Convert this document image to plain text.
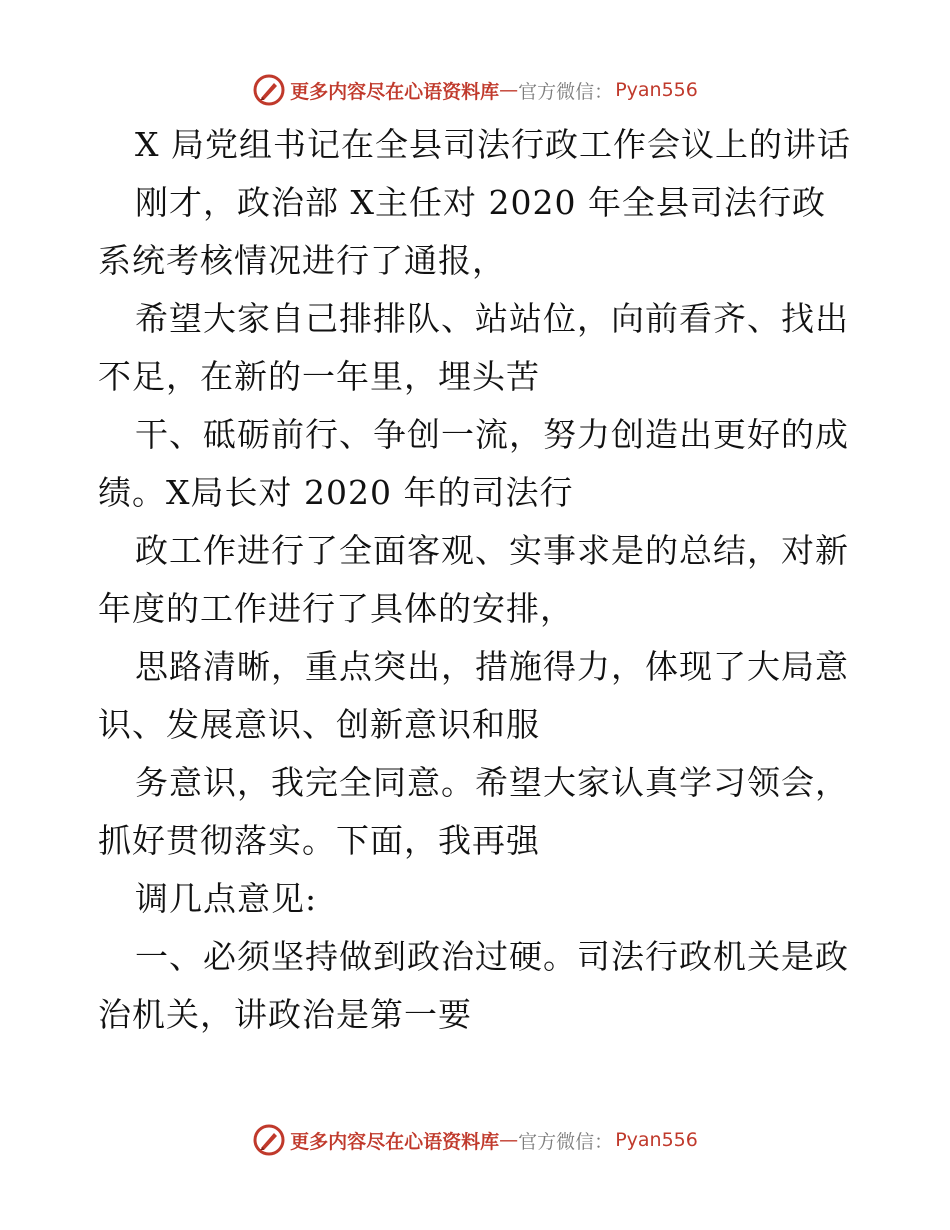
更多内容尽在心语资料库 — 官方微信： Pyan556
X 局党组书记在全县司法行政工作会议上的讲话
刚才，政治部 X主任对 2020 年全县司法行政
系统考核情况进行了通报，
希望大家自己排排队、站站位，向前看齐、找出
不足，在新的一年里，埋头苦
干、砥砺前行、争创一流，努力创造出更好的成
绩。X局长对 2020 年的司法行
政工作进行了全面客观、实事求是的总结，对新
年度的工作进行了具体的安排，
思路清晰，重点突出，措施得力，体现了大局意
识、发展意识、创新意识和服
务意识，我完全同意。希望大家认真学习领会，
抓好贯彻落实。下面，我再强
调几点意见:
一、必须坚持做到政治过硬。司法行政机关是政
治机关，讲政治是第一要
更多内容尽在心语资料库 — 官方微信： Pyan556
